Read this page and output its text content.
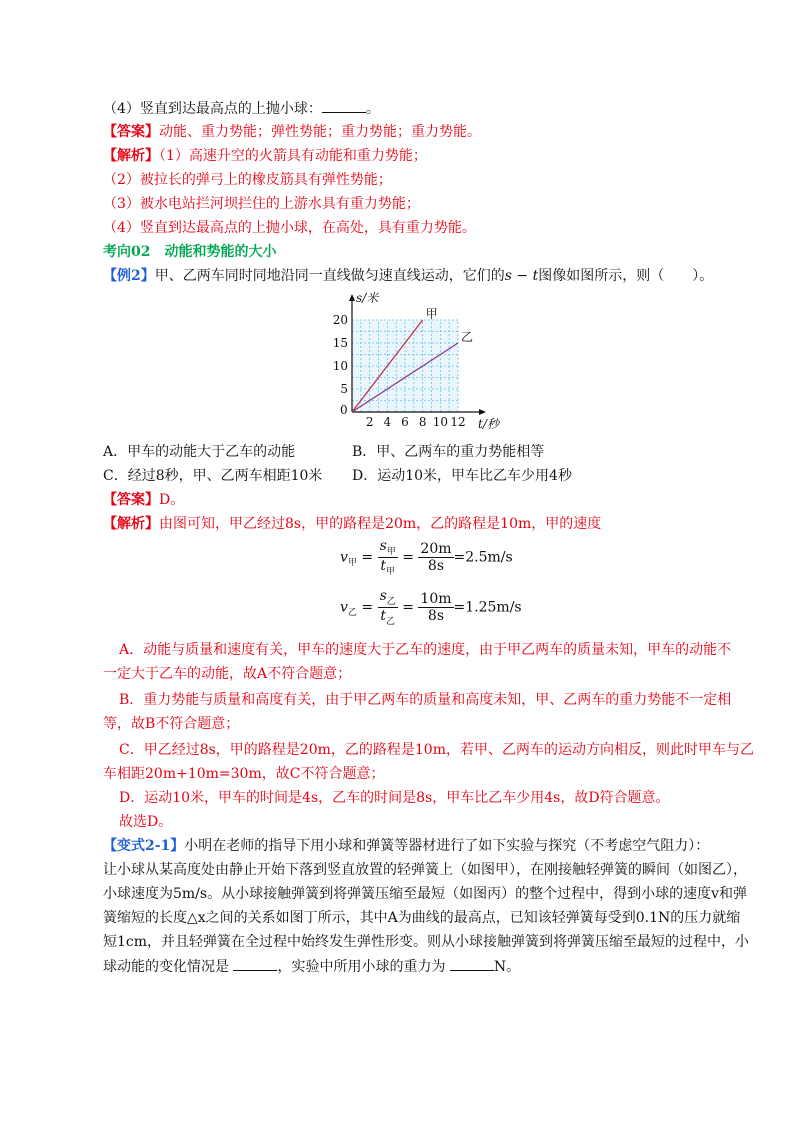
（4）竖直到达最高点的上抛小球：	。
【答案】动能、重力势能；弹性势能；重力势能；重力势能。
【解析】（1）高速升空的火箭具有动能和重力势能；
（2）被拉长的弹弓上的橡皮筋具有弹性势能；
（3）被水电站拦河坝拦住的上游水具有重力势能；
（4）竖直到达最高点的上抛小球，在高处，具有重力势能。
考向02　动能和势能的大小
【例2】甲、乙两车同时同地沿同一直线做匀速直线运动，它们的s − t图像如图所示，则（　　）。
2 4 6 8 10 12
5
10
15
20
0
s/米
t/秒
甲
乙
A．甲车的动能大于乙车的动能	B．甲、乙两车的重力势能相等
C．经过8秒，甲、乙两车相距10米 D．运动10米，甲车比乙车少用4秒
【答案】D。
【解析】由图可知，甲乙经过8s，甲的路程是20m，乙的路程是10m，甲的速度
$v_甲 = \frac{s_甲}{t_甲} = \frac{20m}{8s} =2.5m/s$
$v_乙 = \frac{s_乙}{t_乙} = \frac{10m}{8s} =1.25m/s$
A．动能与质量和速度有关，甲车的速度大于乙车的速度，由于甲乙两车的质量未知，甲车的动能不
一定大于乙车的动能，故A不符合题意；
B．重力势能与质量和高度有关，由于甲乙两车的质量和高度未知，甲、乙两车的重力势能不一定相
等，故B不符合题意；
C．甲乙经过8s，甲的路程是20m，乙的路程是10m，若甲、乙两车的运动方向相反，则此时甲车与乙
车相距20m+10m=30m，故C不符合题意；
D．运动10米，甲车的时间是4s，乙车的时间是8s，甲车比乙车少用4s，故D符合题意。
故选D。
【变式2-1】小明在老师的指导下用小球和弹簧等器材进行了如下实验与探究（不考虑空气阻力）：
让小球从某高度处由静止开始下落到竖直放置的轻弹簧上（如图甲），在刚接触轻弹簧的瞬间（如图乙），
小球速度为5m/s。从小球接触弹簧到将弹簧压缩至最短（如图丙）的整个过程中，得到小球的速度v和弹
簧缩短的长度△x之间的关系如图丁所示，其中A为曲线的最高点，已知该轻弹簧每受到0.1N的压力就缩
短1cm，并且轻弹簧在全过程中始终发生弹性形变。则从小球接触弹簧到将弹簧压缩至最短的过程中，小
球动能的变化情况是	，实验中所用小球的重力为	N。
